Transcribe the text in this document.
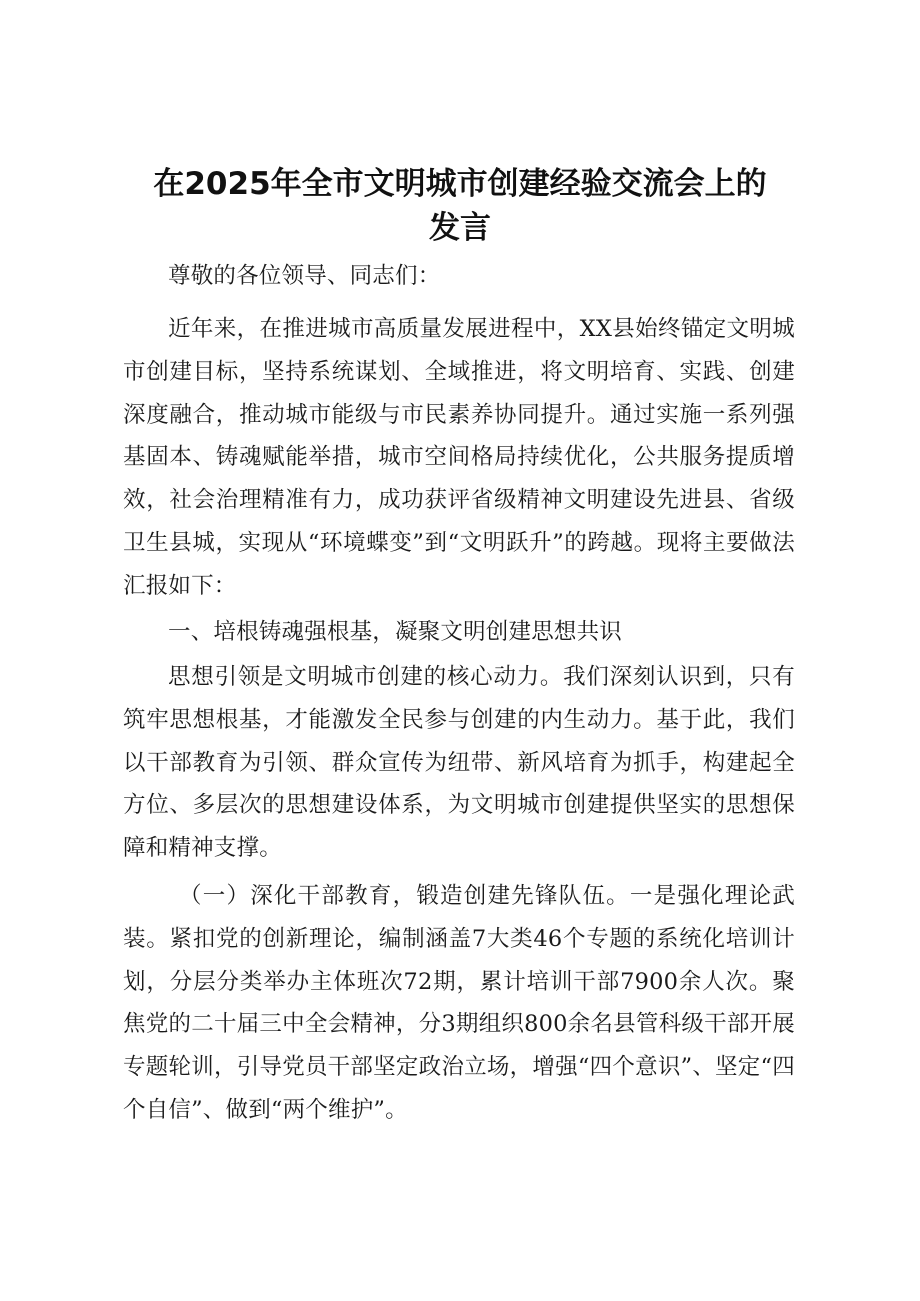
在2025年全市文明城市创建经验交流会上的发言

尊敬的各位领导、同志们：

近年来，在推进城市高质量发展进程中，XX县始终锚定文明城市创建目标，坚持系统谋划、全域推进，将文明培育、实践、创建深度融合，推动城市能级与市民素养协同提升。通过实施一系列强基固本、铸魂赋能举措，城市空间格局持续优化，公共服务提质增效，社会治理精准有力，成功获评省级精神文明建设先进县、省级卫生县城，实现从“环境蝶变”到“文明跃升”的跨越。现将主要做法汇报如下：

一、培根铸魂强根基，凝聚文明创建思想共识

思想引领是文明城市创建的核心动力。我们深刻认识到，只有筑牢思想根基，才能激发全民参与创建的内生动力。基于此，我们以干部教育为引领、群众宣传为纽带、新风培育为抓手，构建起全方位、多层次的思想建设体系，为文明城市创建提供坚实的思想保障和精神支撑。

（一）深化干部教育，锻造创建先锋队伍。一是强化理论武装。紧扣党的创新理论，编制涵盖7大类46个专题的系统化培训计划，分层分类举办主体班次72期，累计培训干部7900余人次。聚焦党的二十届三中全会精神，分3期组织800余名县管科级干部开展专题轮训，引导党员干部坚定政治立场，增强“四个意识”、坚定“四个自信”、做到“两个维护”。
